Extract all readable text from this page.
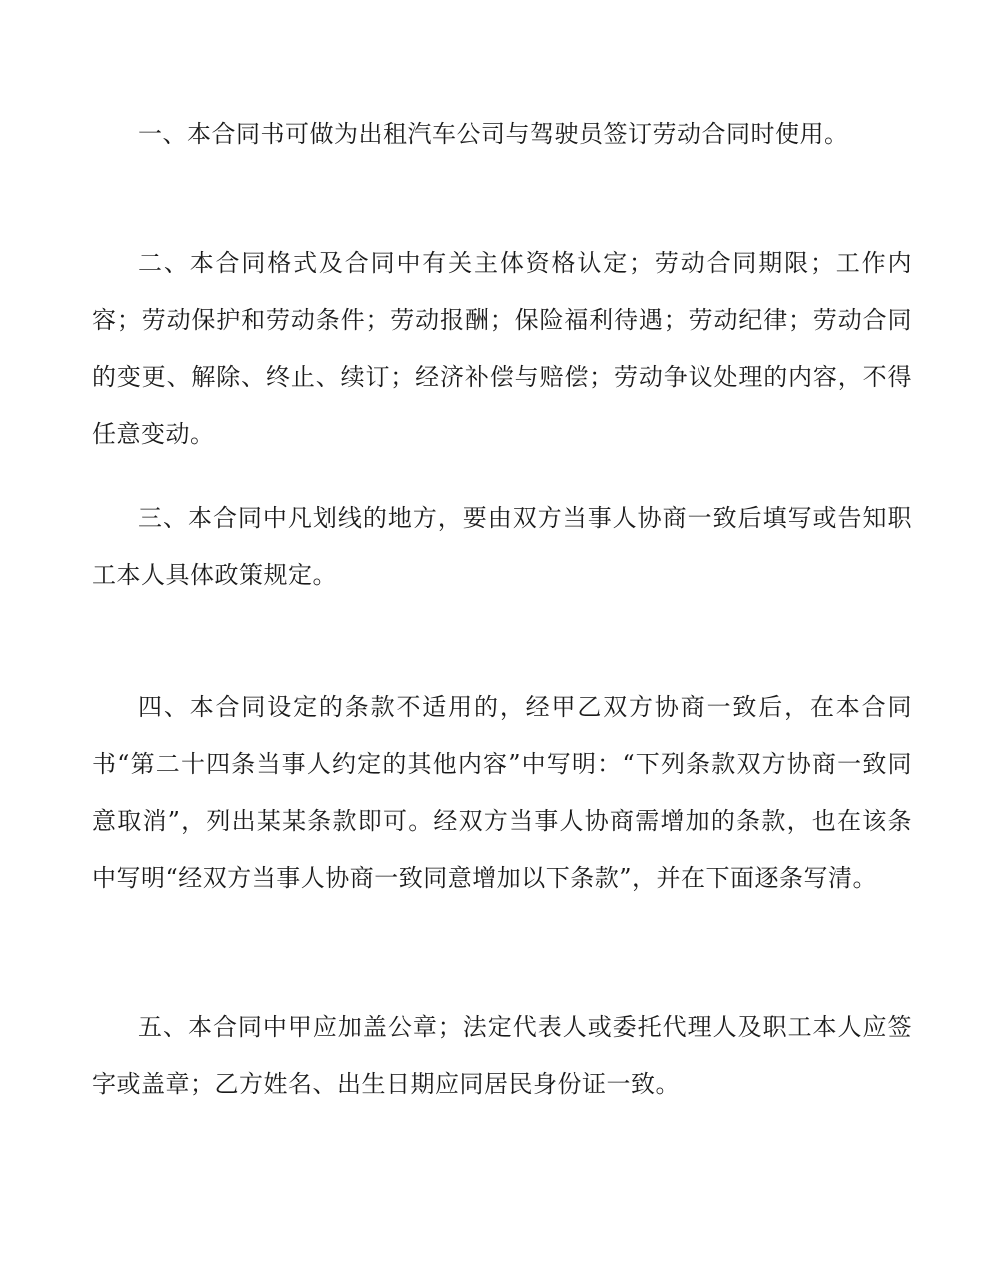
一、本合同书可做为出租汽车公司与驾驶员签订劳动合同时使用。

二、本合同格式及合同中有关主体资格认定；劳动合同期限；工作内容；劳动保护和劳动条件；劳动报酬；保险福利待遇；劳动纪律；劳动合同的变更、解除、终止、续订；经济补偿与赔偿；劳动争议处理的内容，不得任意变动。

三、本合同中凡划线的地方，要由双方当事人协商一致后填写或告知职工本人具体政策规定。

四、本合同设定的条款不适用的，经甲乙双方协商一致后，在本合同书“第二十四条当事人约定的其他内容”中写明：“下列条款双方协商一致同意取消”，列出某某条款即可。经双方当事人协商需增加的条款，也在该条中写明“经双方当事人协商一致同意增加以下条款”，并在下面逐条写清。

五、本合同中甲应加盖公章；法定代表人或委托代理人及职工本人应签字或盖章；乙方姓名、出生日期应同居民身份证一致。
